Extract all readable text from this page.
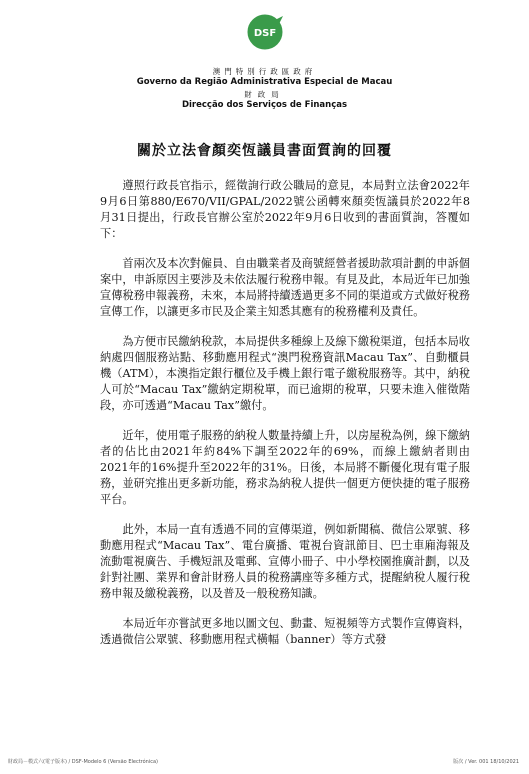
DSF
澳門特別行政區政府
Governo da Região Administrativa Especial de Macau
財政局
Direcção dos Serviços de Finanças
關於立法會顏奕恆議員書面質詢的回覆

遵照行政長官指示，經徵詢行政公職局的意見，本局對立法會2022年9月6日第880/E670/VII/GPAL/2022號公函轉來顏奕恆議員於2022年8月31日提出，行政長官辦公室於2022年9月6日收到的書面質詢，答覆如下：

首兩次及本次對僱員、自由職業者及商號經營者援助款項計劃的申訴個案中，申訴原因主要涉及未依法履行稅務申報。有見及此，本局近年已加強宣傳稅務申報義務，未來，本局將持續透過更多不同的渠道或方式做好稅務宣傳工作，以讓更多市民及企業主知悉其應有的稅務權利及責任。

為方便市民繳納稅款，本局提供多種線上及線下繳稅渠道，包括本局收納處四個服務站點、移動應用程式“澳門稅務資訊Macau Tax”、自動櫃員機（ATM），本澳指定銀行櫃位及手機上銀行電子繳稅服務等。其中，納稅人可於“Macau Tax”繳納定期稅單，而已逾期的稅單，只要未進入催徵階段，亦可透過“Macau Tax”繳付。

近年，使用電子服務的納稅人數量持續上升，以房屋稅為例，線下繳納者的佔比由2021年約84%下調至2022年的69%，而線上繳納者則由2021年的16%提升至2022年的31%。日後，本局將不斷優化現有電子服務，並研究推出更多新功能，務求為納稅人提供一個更方便快捷的電子服務平台。

此外，本局一直有透過不同的宣傳渠道，例如新聞稿、微信公眾號、移動應用程式“Macau Tax”、電台廣播、電視台資訊節目、巴士車廂海報及流動電視廣告、手機短訊及電郵、宣傳小冊子、中小學校園推廣計劃，以及針對社團、業界和會計財務人員的稅務講座等多種方式，提醒納稅人履行稅務申報及繳稅義務，以及普及一般稅務知識。

本局近年亦嘗試更多地以圖文包、動畫、短視頻等方式製作宣傳資料，透過微信公眾號、移動應用程式橫幅（banner）等方式發

財政局－模式六(電子版本) / DSF-Modelo 6 (Versão Electrónica)	版次 / Ver. 001 18/10/2021
